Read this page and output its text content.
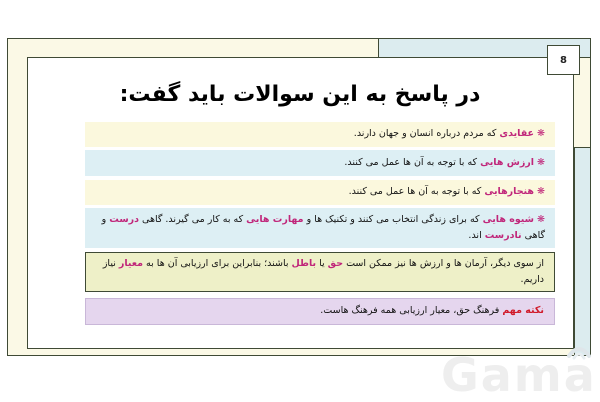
8
در پاسخ به این سوالات باید گفت:
❋عقایدی که مردم درباره انسان و جهان دارند.
❋ارزش هایی که با توجه به آن ها عمل می کنند.
❋هنجارهایی که با توجه به آن ها عمل می کنند.
❋شیوه هایی که برای زندگی انتخاب می کنند و تکنیک ها و مهارت هایی که به کار می گیرند. گاهی درست و گاهی نادرست اند.
از سوی دیگر، آرمان ها و ارزش ها نیز ممکن است حق یا باطل باشند؛ بنابراین برای ارزیابی آن ها به معیار نیاز داریم.
نکته مهم فرهنگ حق، معیار ارزیابی همه فرهنگ هاست.
Gama
